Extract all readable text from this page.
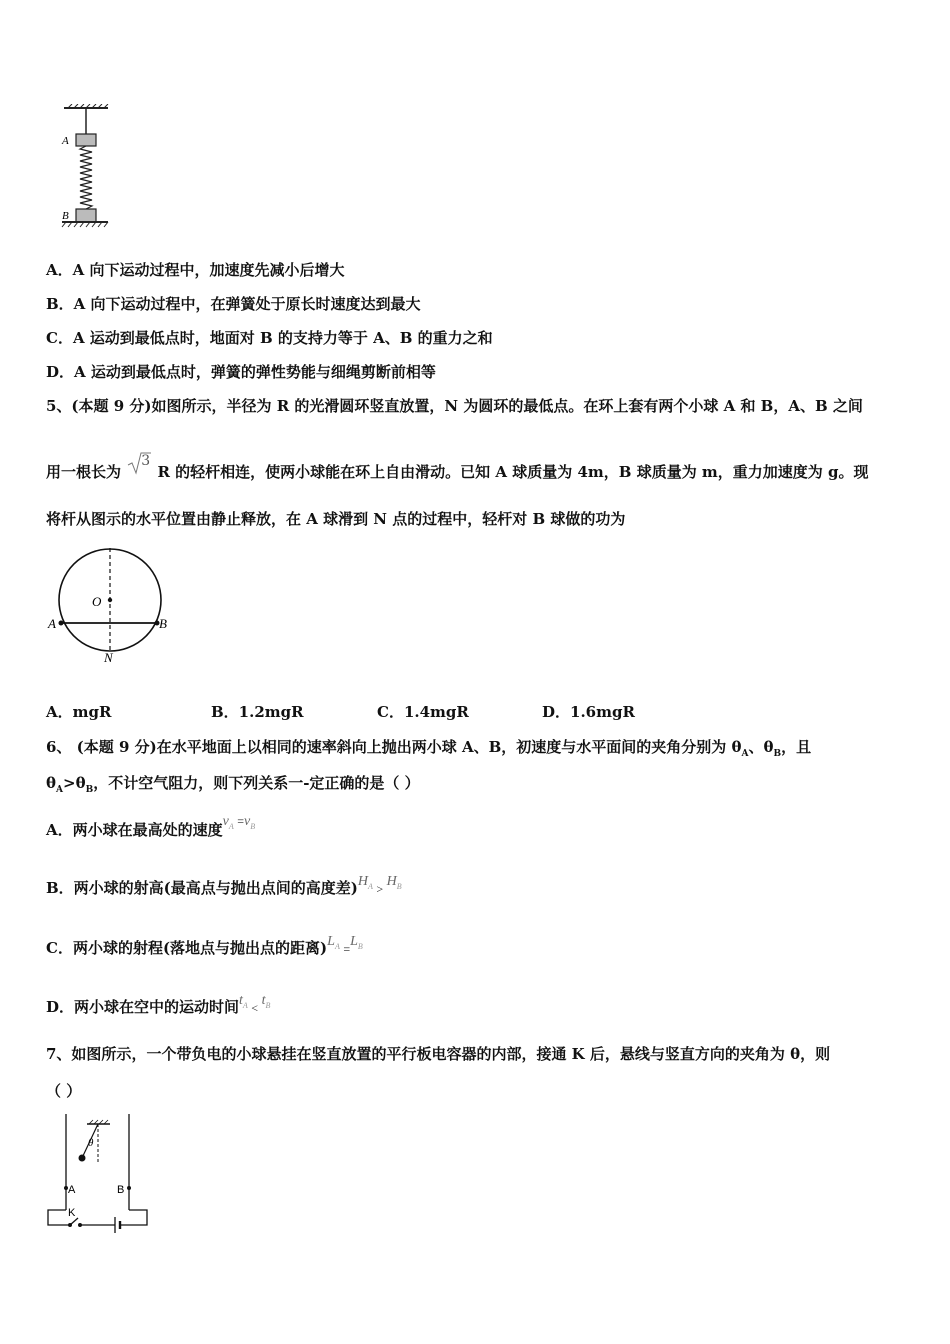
A
B
A．A 向下运动过程中，加速度先减小后增大
B．A 向下运动过程中，在弹簧处于原长时速度达到最大
C．A 运动到最低点时，地面对 B 的支持力等于 A、B 的重力之和
D．A 运动到最低点时，弹簧的弹性势能与细绳剪断前相等
5、(本题 9 分)如图所示，半径为 R 的光滑圆环竖直放置，N 为圆环的最低点。在环上套有两个小球 A 和 B，A、B 之间
用一根长为
3
R 的轻杆相连，使两小球能在环上自由滑动。已知 A 球质量为 4m，B 球质量为 m，重力加速度为 g。现
将杆从图示的水平位置由静止释放，在 A 球滑到 N 点的过程中，轻杆对 B 球做的功为
O
A	B
N
A．mgR	B．1.2mgR	C．1.4mgR	D．1.6mgR
6、 (本题 9 分)在水平地面上以相同的速率斜向上抛出两小球 A、B，初速度与水平面间的夹角分别为 $\theta_A$、$\theta_B$，且
$\theta_A>\theta_B$，不计空气阻力，则下列关系一-定正确的是（ ）
A．两小球在最高处的速度$v_A =v_B$
B．两小球的射高(最高点与抛出点间的高度差)$H_A > H_B$
C．两小球的射程(落地点与抛出点的距离)$L_A =L_B$
D．两小球在空中的运动时间$t_A < t_B$
7、如图所示，一个带负电的小球悬挂在竖直放置的平行板电容器的内部，接通 K 后，悬线与竖直方向的夹角为 θ，则
（ ）
θ
A	B
K
